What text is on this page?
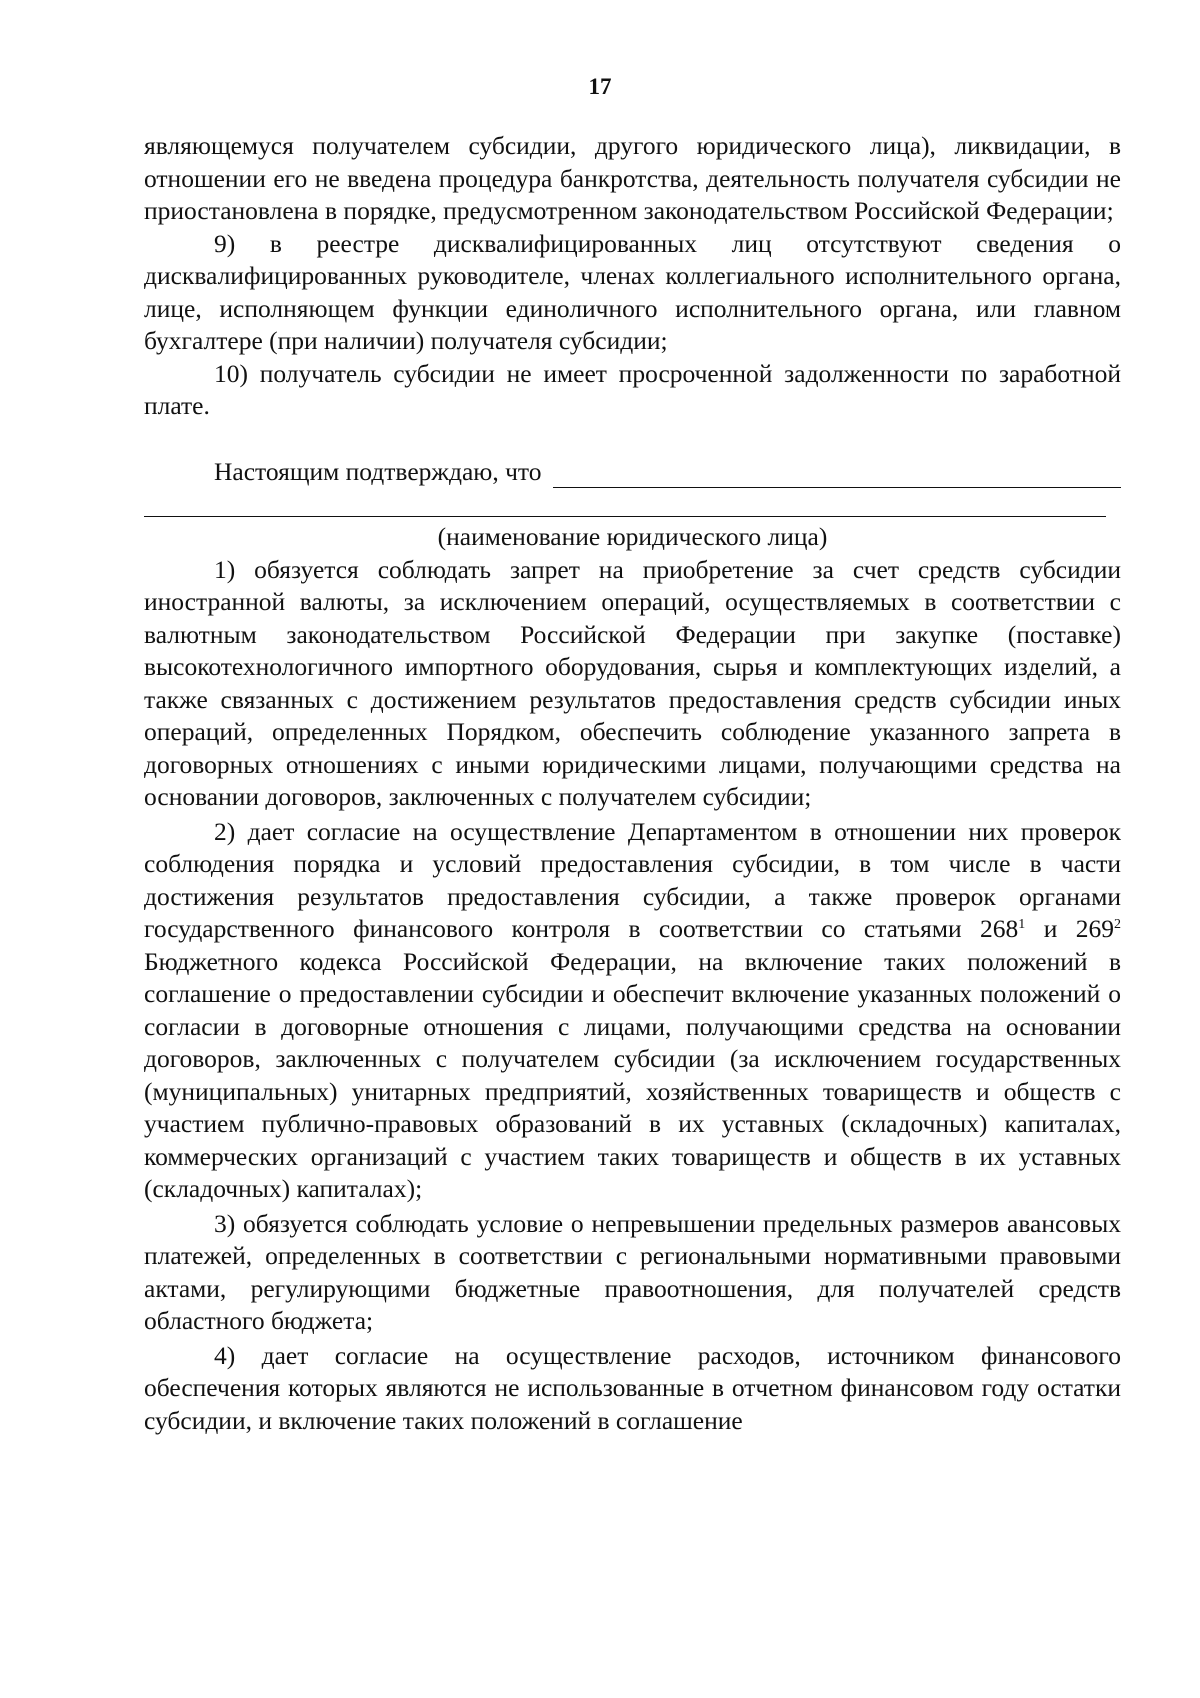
17

являющемуся получателем субсидии, другого юридического лица), ликвидации, в отношении его не введена процедура банкротства, деятельность получателя субсидии не приостановлена в порядке, предусмотренном законодательством Российской Федерации;

9) в реестре дисквалифицированных лиц отсутствуют сведения о дисквалифицированных руководителе, членах коллегиального исполнительного органа, лице, исполняющем функции единоличного исполнительного органа, или главном бухгалтере (при наличии) получателя субсидии;

10) получатель субсидии не имеет просроченной задолженности по заработной плате.

Настоящим подтверждаю, что

(наименование юридического лица)

1) обязуется соблюдать запрет на приобретение за счет средств субсидии иностранной валюты, за исключением операций, осуществляемых в соответствии с валютным законодательством Российской Федерации при закупке (поставке) высокотехнологичного импортного оборудования, сырья и комплектующих изделий, а также связанных с достижением результатов предоставления средств субсидии иных операций, определенных Порядком, обеспечить соблюдение указанного запрета в договорных отношениях с иными юридическими лицами, получающими средства на основании договоров, заключенных с получателем субсидии;

2) дает согласие на осуществление Департаментом в отношении них проверок соблюдения порядка и условий предоставления субсидии, в том числе в части достижения результатов предоставления субсидии, а также проверок органами государственного финансового контроля в соответствии со статьями $268^1$ и $269^2$ Бюджетного кодекса Российской Федерации, на включение таких положений в соглашение о предоставлении субсидии и обеспечит включение указанных положений о согласии в договорные отношения с лицами, получающими средства на основании договоров, заключенных с получателем субсидии (за исключением государственных (муниципальных) унитарных предприятий, хозяйственных товариществ и обществ с участием публично-правовых образований в их уставных (складочных) капиталах, коммерческих организаций с участием таких товариществ и обществ в их уставных (складочных) капиталах);

3) обязуется соблюдать условие о непревышении предельных размеров авансовых платежей, определенных в соответствии с региональными нормативными правовыми актами, регулирующими бюджетные правоотношения, для получателей средств областного бюджета;

4) дает согласие на осуществление расходов, источником финансового обеспечения которых являются не использованные в отчетном финансовом году остатки субсидии, и включение таких положений в соглашение
